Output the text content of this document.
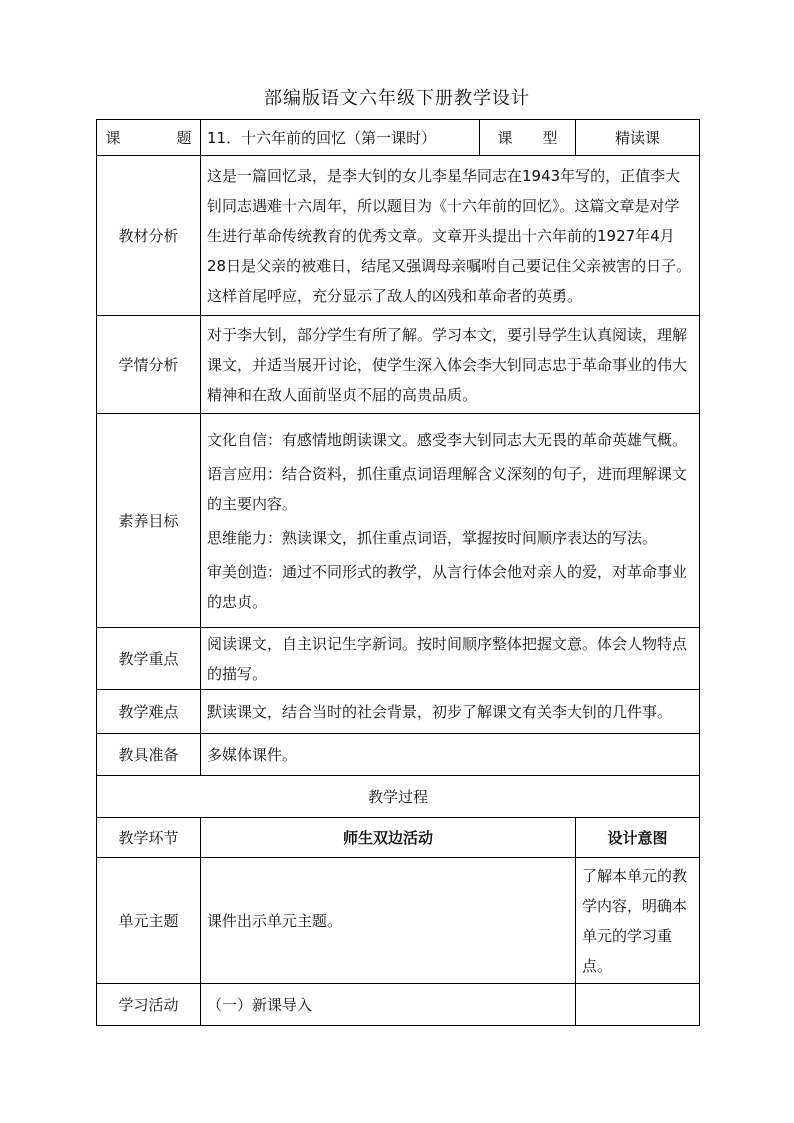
部编版语文六年级下册教学设计
课 题	11．十六年前的回忆（第一课时）	课 型	精读课
教材分析	这是一篇回忆录，是李大钊的女儿李星华同志在1943年写的，正值李大钊同志遇难十六周年，所以题目为《十六年前的回忆》。这篇文章是对学生进行革命传统教育的优秀文章。文章开头提出十六年前的1927年4月28日是父亲的被难日，结尾又强调母亲嘱咐自己要记住父亲被害的日子。这样首尾呼应，充分显示了敌人的凶残和革命者的英勇。		
学情分析	对于李大钊，部分学生有所了解。学习本文，要引导学生认真阅读，理解课文，并适当展开讨论，使学生深入体会李大钊同志忠于革命事业的伟大精神和在敌人面前坚贞不屈的高贵品质。		
素养目标	文化自信：有感情地朗读课文。感受李大钊同志大无畏的革命英雄气概。

语言应用：结合资料，抓住重点词语理解含义深刻的句子，进而理解课文的主要内容。

思维能力：熟读课文，抓住重点词语，掌握按时间顺序表达的写法。

审美创造：通过不同形式的教学，从言行体会他对亲人的爱，对革命事业的忠贞。		

教学重点	阅读课文，自主识记生字新词。按时间顺序整体把握文意。体会人物特点的描写。		
教学难点	默读课文，结合当时的社会背景，初步了解课文有关李大钊的几件事。		
教具准备	多媒体课件。		
教学过程			
教学环节	师生双边活动		设计意图
单元主题	课件出示单元主题。		了解本单元的教学内容，明确本单元的学习重点。
学习活动	（一）新课导入		
